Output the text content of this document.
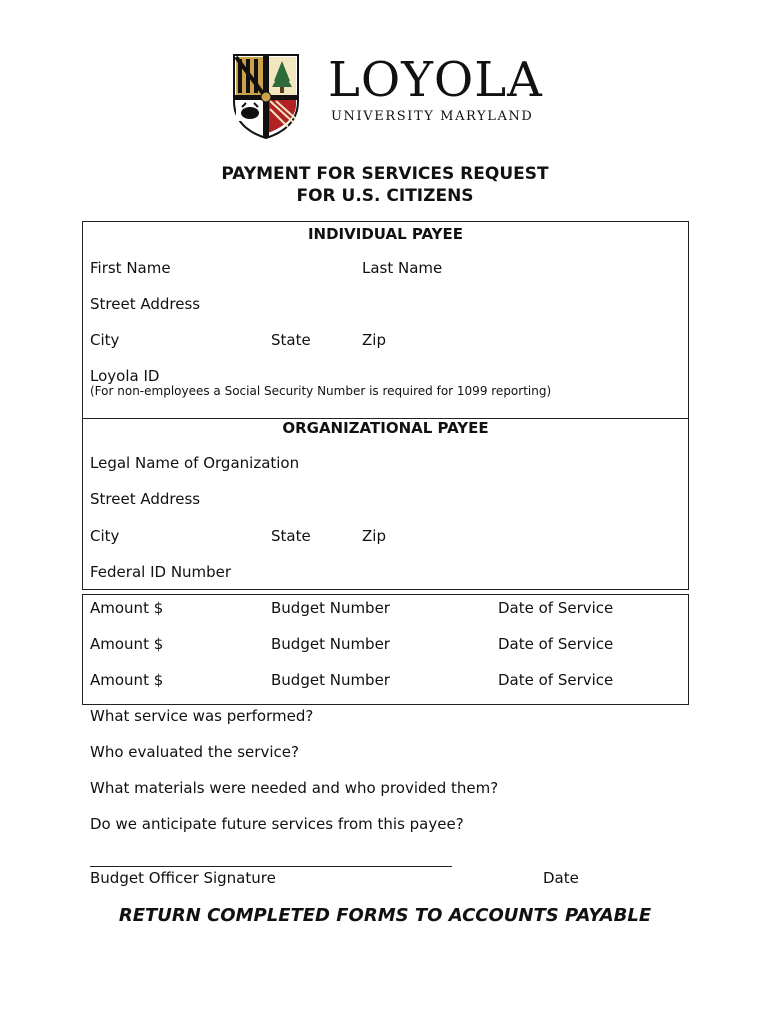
LOYOLA
UNIVERSITY MARYLAND
PAYMENT FOR SERVICES REQUEST
FOR U.S. CITIZENS
INDIVIDUAL PAYEE
First Name	Last Name
Street Address
City	State	Zip
Loyola ID
(For non-employees a Social Security Number is required for 1099 reporting)
ORGANIZATIONAL PAYEE
Legal Name of Organization
Street Address
City	State	Zip
Federal ID Number
Amount $	Budget Number	Date of Service
Amount $	Budget Number	Date of Service
Amount $	Budget Number	Date of Service
What service was performed?
Who evaluated the service?
What materials were needed and who provided them?
Do we anticipate future services from this payee?
Budget Officer Signature	Date
RETURN COMPLETED FORMS TO ACCOUNTS PAYABLE
